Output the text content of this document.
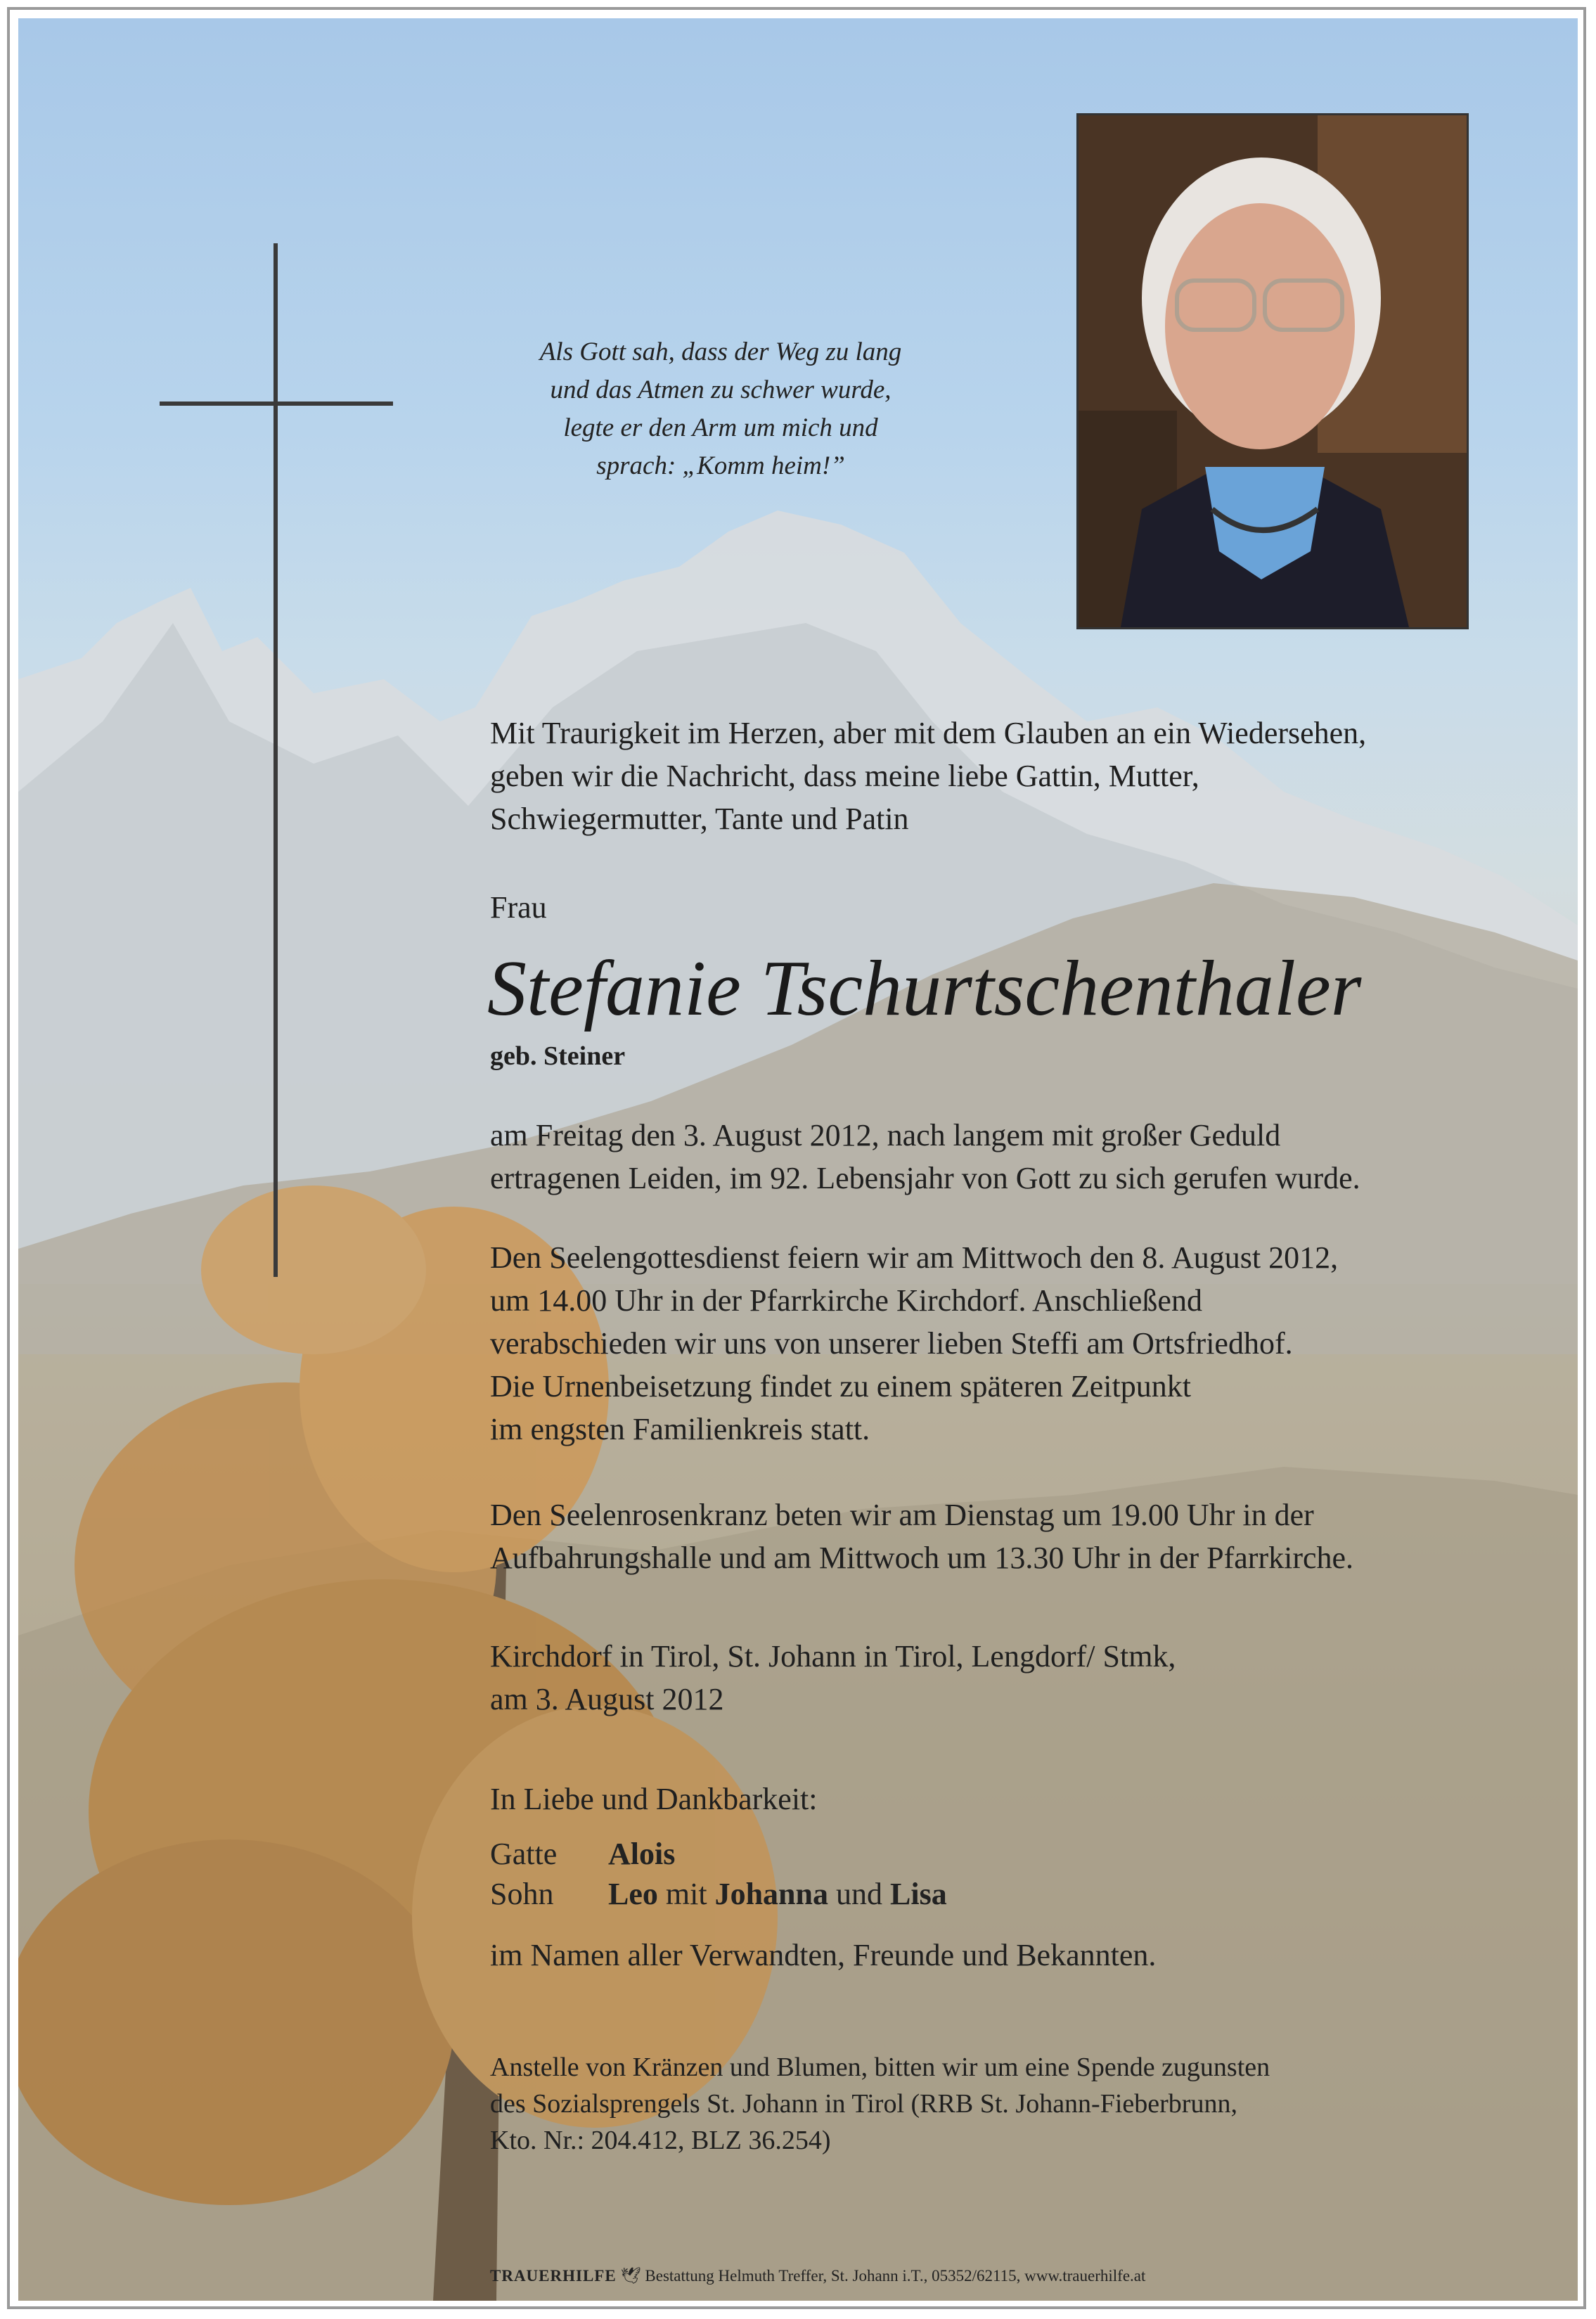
Als Gott sah, dass der Weg zu lang
und das Atmen zu schwer wurde,
legte er den Arm um mich und
sprach: „Komm heim!”
Mit Traurigkeit im Herzen, aber mit dem Glauben an ein Wiedersehen,
geben wir die Nachricht, dass meine liebe Gattin, Mutter,
Schwiegermutter, Tante und Patin
Frau
Stefanie Tschurtschenthaler
geb. Steiner
am Freitag den 3. August 2012, nach langem mit großer Geduld
ertragenen Leiden, im 92. Lebensjahr von Gott zu sich gerufen wurde.
Den Seelengottesdienst feiern wir am Mittwoch den 8. August 2012,
um 14.00 Uhr in der Pfarrkirche Kirchdorf. Anschließend
verabschieden wir uns von unserer lieben Steffi am Ortsfriedhof.
Die Urnenbeisetzung findet zu einem späteren Zeitpunkt
im engsten Familienkreis statt.
Den Seelenrosenkranz beten wir am Dienstag um 19.00 Uhr in der
Aufbahrungshalle und am Mittwoch um 13.30 Uhr in der Pfarrkirche.
Kirchdorf in Tirol, St. Johann in Tirol, Lengdorf/ Stmk,
am 3. August 2012
In Liebe und Dankbarkeit:
Gatte Alois
Sohn Leo mit Johanna und Lisa
im Namen aller Verwandten, Freunde und Bekannten.
Anstelle von Kränzen und Blumen, bitten wir um eine Spende zugunsten
des Sozialsprengels St. Johann in Tirol (RRB St. Johann-Fieberbrunn,
Kto. Nr.: 204.412, BLZ 36.254)
TRAUERHILFE 🕊 Bestattung Helmuth Treffer, St. Johann i.T., 05352/62115, www.trauerhilfe.at
